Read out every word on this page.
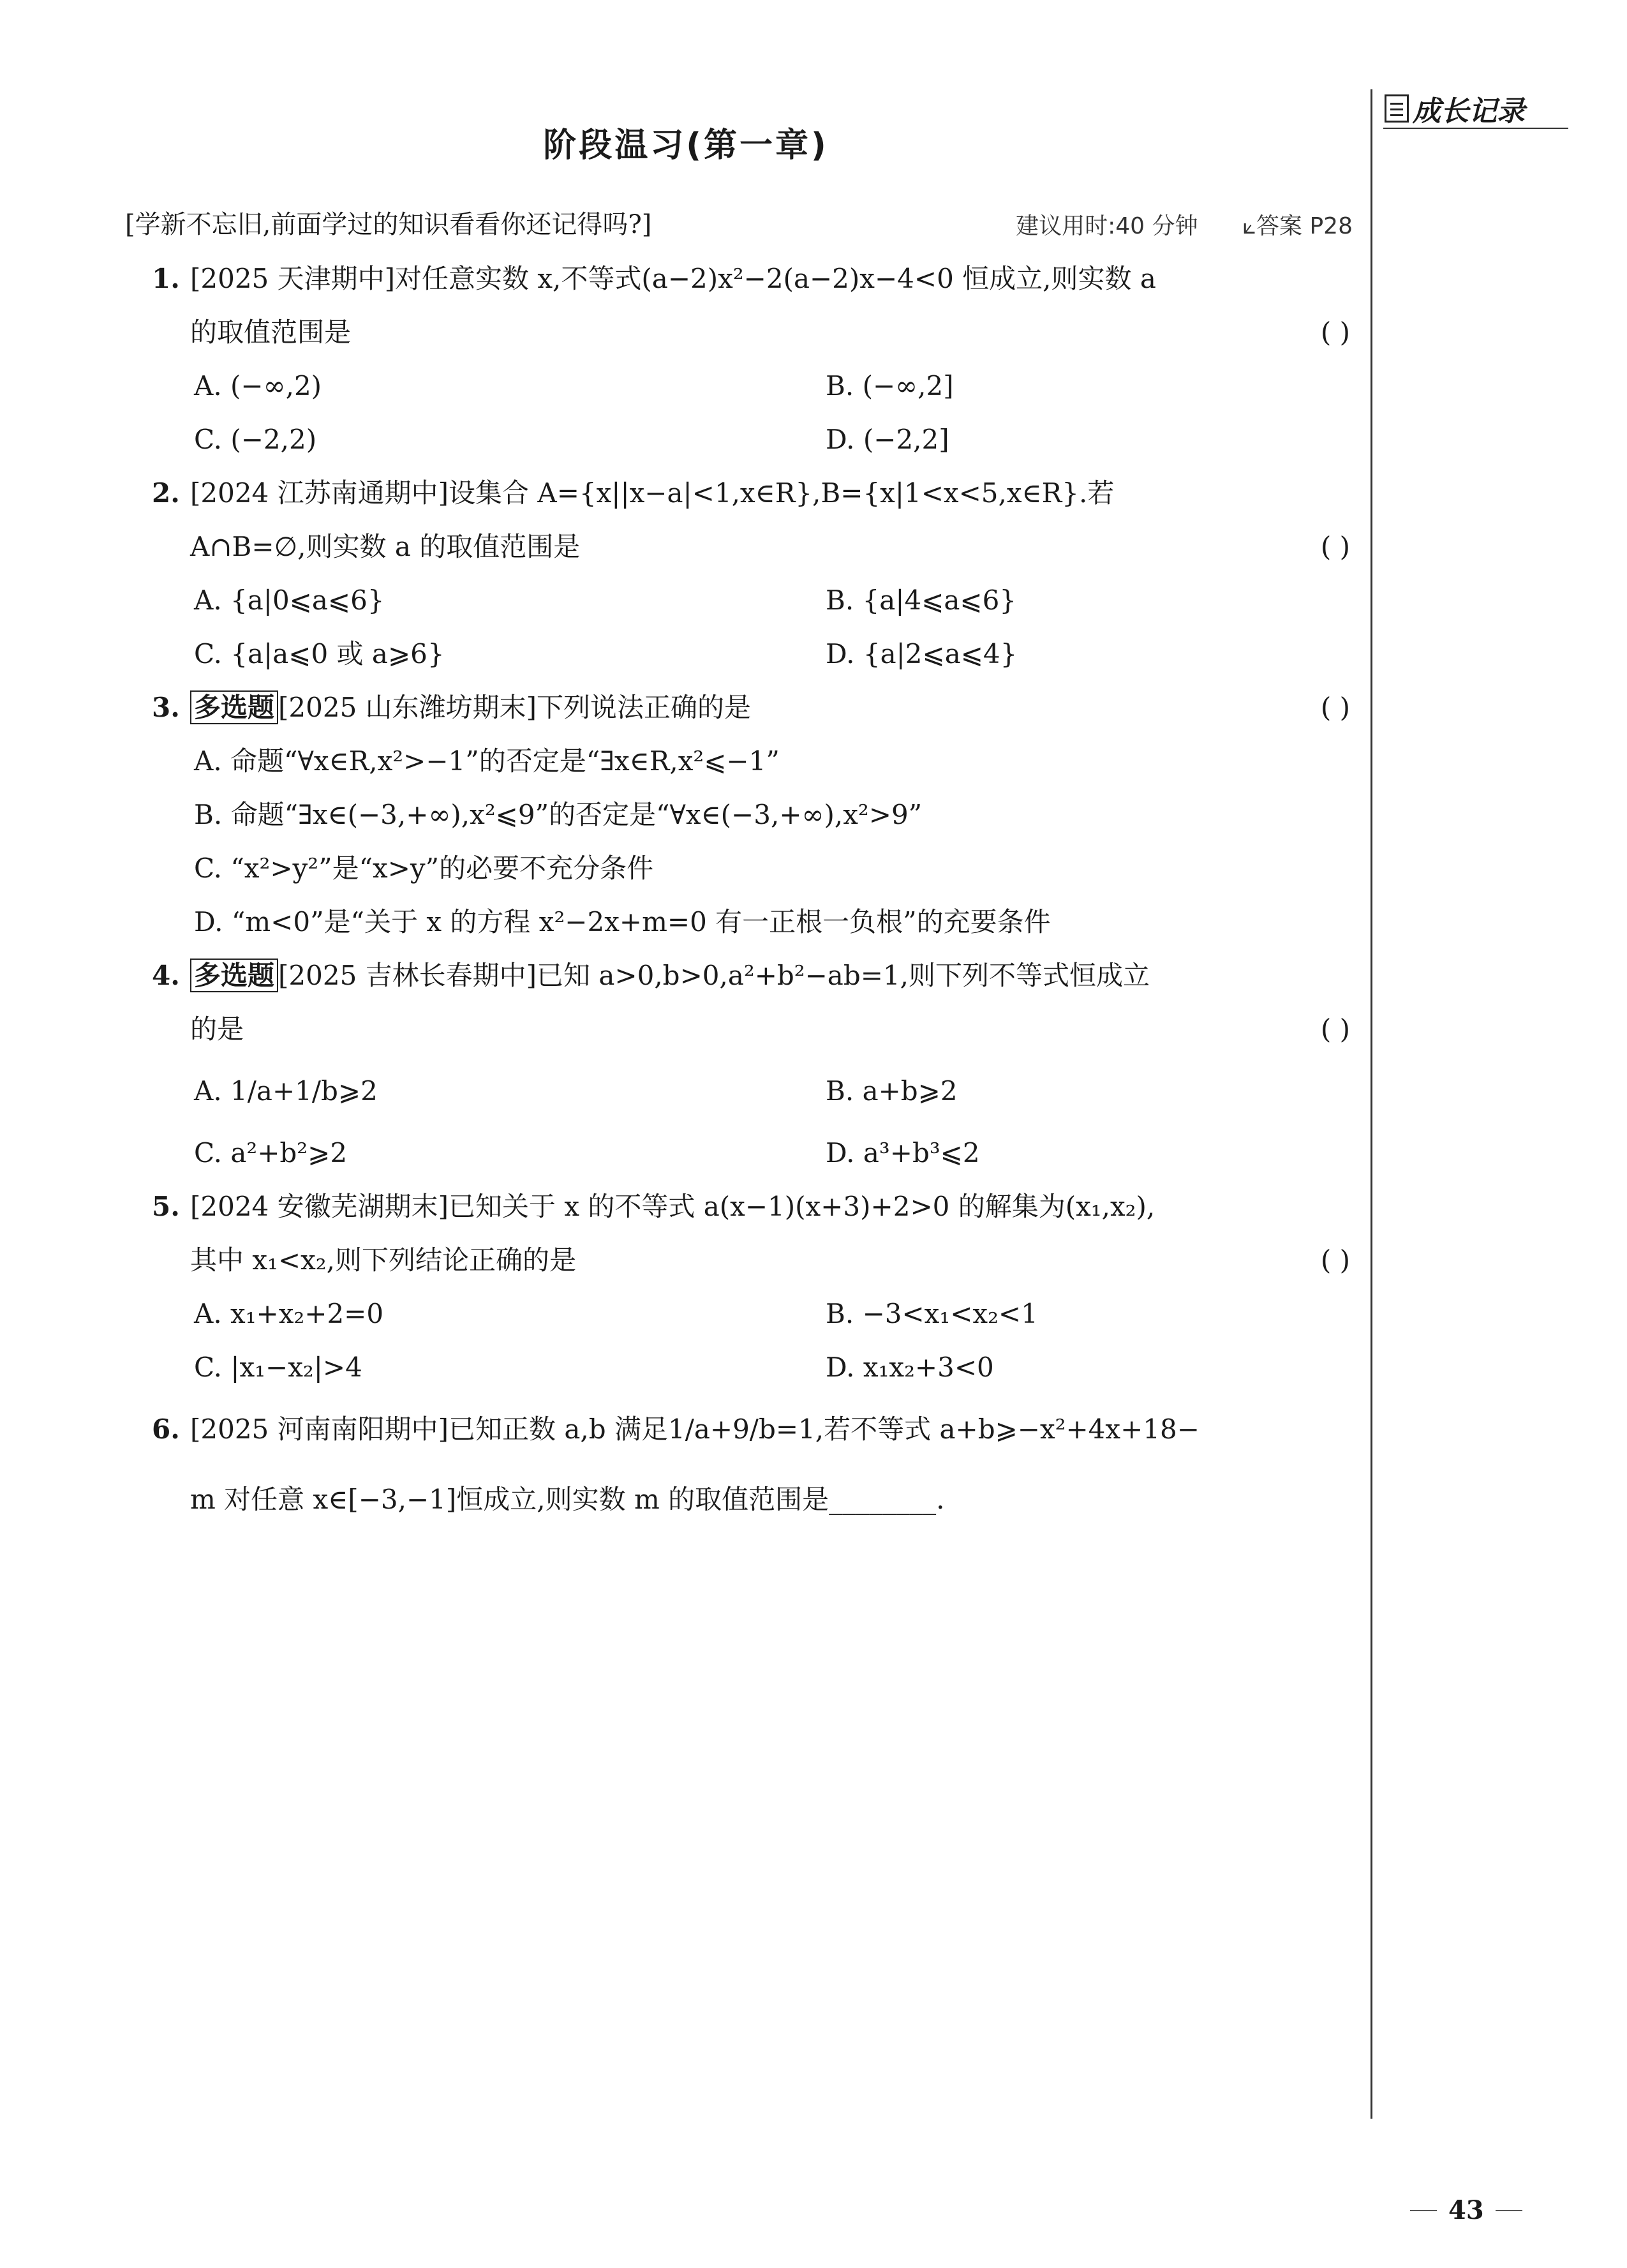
阶段温习(第一章)
成长记录
[学新不忘旧,前面学过的知识看看你还记得吗?]	建议用时:40 分钟 ⟀答案 P28
1. [2025 天津期中]对任意实数 x,不等式(a−2)x²−2(a−2)x−4<0 恒成立,则实数 a
的取值范围是	( )
A. (−∞,2)	B. (−∞,2]
C. (−2,2)	D. (−2,2]
2. [2024 江苏南通期中]设集合 A={x||x−a|<1,x∈R},B={x|1<x<5,x∈R}.若
A∩B=∅,则实数 a 的取值范围是	( )
A. {a|0⩽a⩽6}	B. {a|4⩽a⩽6}
C. {a|a⩽0 或 a⩾6}	D. {a|2⩽a⩽4}
3. 多选题 [2025 山东潍坊期末]下列说法正确的是	( )
A. 命题“∀x∈R,x²>−1”的否定是“∃x∈R,x²⩽−1”
B. 命题“∃x∈(−3,+∞),x²⩽9”的否定是“∀x∈(−3,+∞),x²>9”
C. “x²>y²”是“x>y”的必要不充分条件
D. “m<0”是“关于 x 的方程 x²−2x+m=0 有一正根一负根”的充要条件
4. 多选题 [2025 吉林长春期中]已知 a>0,b>0,a²+b²−ab=1,则下列不等式恒成立
的是	( )
A. 1/a+1/b⩾2	B. a+b⩾2
C. a²+b²⩾2	D. a³+b³⩽2
5. [2024 安徽芜湖期末]已知关于 x 的不等式 a(x−1)(x+3)+2>0 的解集为(x₁,x₂),
其中 x₁<x₂,则下列结论正确的是	( )
A. x₁+x₂+2=0	B. −3<x₁<x₂<1
C. |x₁−x₂|>4	D. x₁x₂+3<0
6. [2025 河南南阳期中]已知正数 a,b 满足1/a+9/b=1,若不等式 a+b⩾−x²+4x+18−
m 对任意 x∈[−3,−1]恒成立,则实数 m 的取值范围是________.
43
